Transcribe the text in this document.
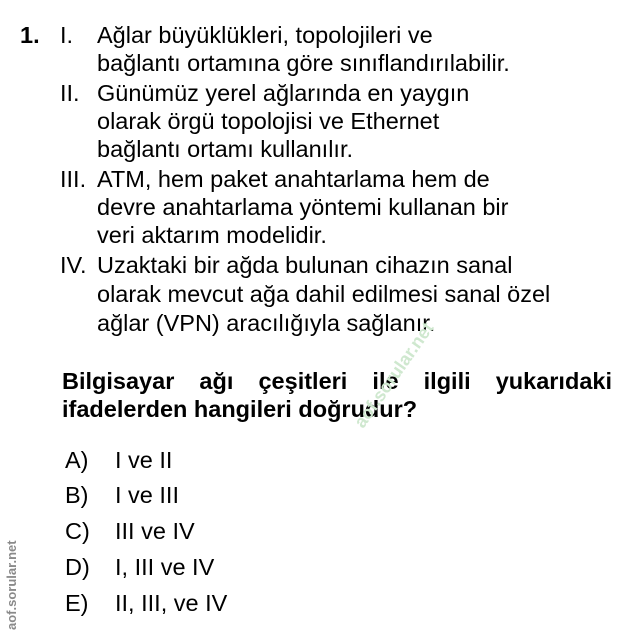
1. I. Ağlar büyüklükleri, topolojileri ve
bağlantı ortamına göre sınıflandırılabilir.
II. Günümüz yerel ağlarında en yaygın
olarak örgü topolojisi ve Ethernet
bağlantı ortamı kullanılır.
III. ATM, hem paket anahtarlama hem de
devre anahtarlama yöntemi kullanan bir
veri aktarım modelidir.
IV. Uzaktaki bir ağda bulunan cihazın sanal
olarak mevcut ağa dahil edilmesi sanal özel
ağlar (VPN) aracılığıyla sağlanır.
Bilgisayar ağı çeşitleri ile ilgili yukarıdaki
ifadelerden hangileri doğrudur?
aof.sorular.net
A) I ve II
B) I ve III
C) III ve IV
D) I, III ve IV
E) II, III, ve IV
aof.sorular.net
